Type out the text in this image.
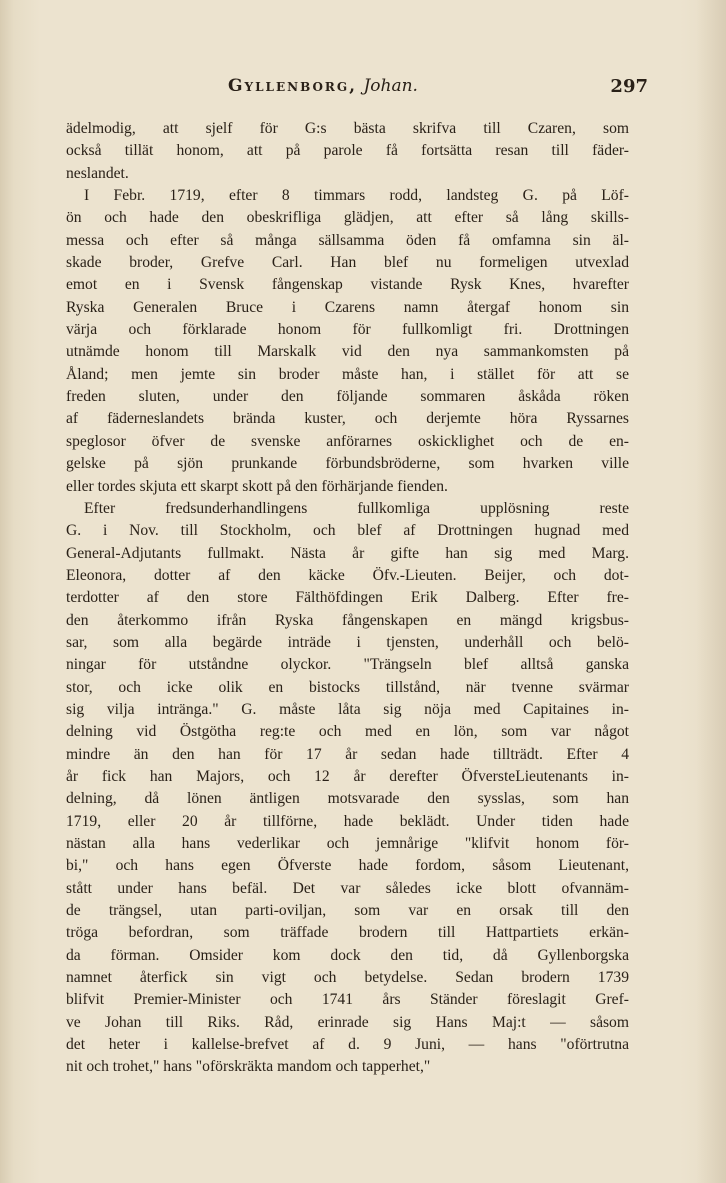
Gyllenborg, Johan.	297
ädelmodig, att sjelf för G:s bästa skrifva till Czaren, som
också tillät honom, att på parole få fortsätta resan till fäder-
neslandet.
I Febr. 1719, efter 8 timmars rodd, landsteg G. på Löf-
ön och hade den obeskrifliga glädjen, att efter så lång skills-
messa och efter så många sällsamma öden få omfamna sin äl-
skade broder, Grefve Carl. Han blef nu formeligen utvexlad
emot en i Svensk fångenskap vistande Rysk Knes, hvarefter
Ryska Generalen Bruce i Czarens namn återgaf honom sin
värja och förklarade honom för fullkomligt fri. Drottningen
utnämde honom till Marskalk vid den nya sammankomsten på
Åland; men jemte sin broder måste han, i stället för att se
freden sluten, under den följande sommaren åskåda röken
af fäderneslandets brända kuster, och derjemte höra Ryssarnes
speglosor öfver de svenske anförarnes oskicklighet och de en-
gelske på sjön prunkande förbundsbröderne, som hvarken ville
eller tordes skjuta ett skarpt skott på den förhärjande fienden.
Efter fredsunderhandlingens fullkomliga upplösning reste
G. i Nov. till Stockholm, och blef af Drottningen hugnad med
General-Adjutants fullmakt. Nästa år gifte han sig med Marg.
Eleonora, dotter af den käcke Öfv.-Lieuten. Beijer, och dot-
terdotter af den store Fälthöfdingen Erik Dalberg. Efter fre-
den återkommo ifrån Ryska fångenskapen en mängd krigsbus-
sar, som alla begärde inträde i tjensten, underhåll och belö-
ningar för utståndne olyckor. "Trängseln blef alltså ganska
stor, och icke olik en bistocks tillstånd, när tvenne svärmar
sig vilja inträngа." G. måste låta sig nöja med Capitaines in-
delning vid Östgötha reg:te och med en lön, som var något
mindre än den han för 17 år sedan hade tillträdt. Efter 4
år fick han Majors, och 12 år derefter ÖfversteLieutenants in-
delning, då lönen äntligen motsvarade den sysslas, som han
1719, eller 20 år tillförne, hade beklädt. Under tiden hade
nästan alla hans vederlikar och jemnårige "klifvit honom för-
bi," och hans egen Öfverste hade fordom, såsom Lieutenant,
stått under hans befäl. Det var således icke blott ofvannäm-
de trängsel, utan parti-oviljan, som var en orsak till den
tröga befordran, som träffade brodern till Hattpartiets erkän-
da förman. Omsider kom dock den tid, då Gyllenborgska
namnet återfick sin vigt och betydelse. Sedan brodern 1739
blifvit Premier-Minister och 1741 års Ständer föreslagit Gref-
ve Johan till Riks. Råd, erinrade sig Hans Maj:t — såsom
det heter i kallelse-brefvet af d. 9 Juni, — hans "oförtrutna
nit och trohet," hans "oförskräkta mandom och tapperhet,"
